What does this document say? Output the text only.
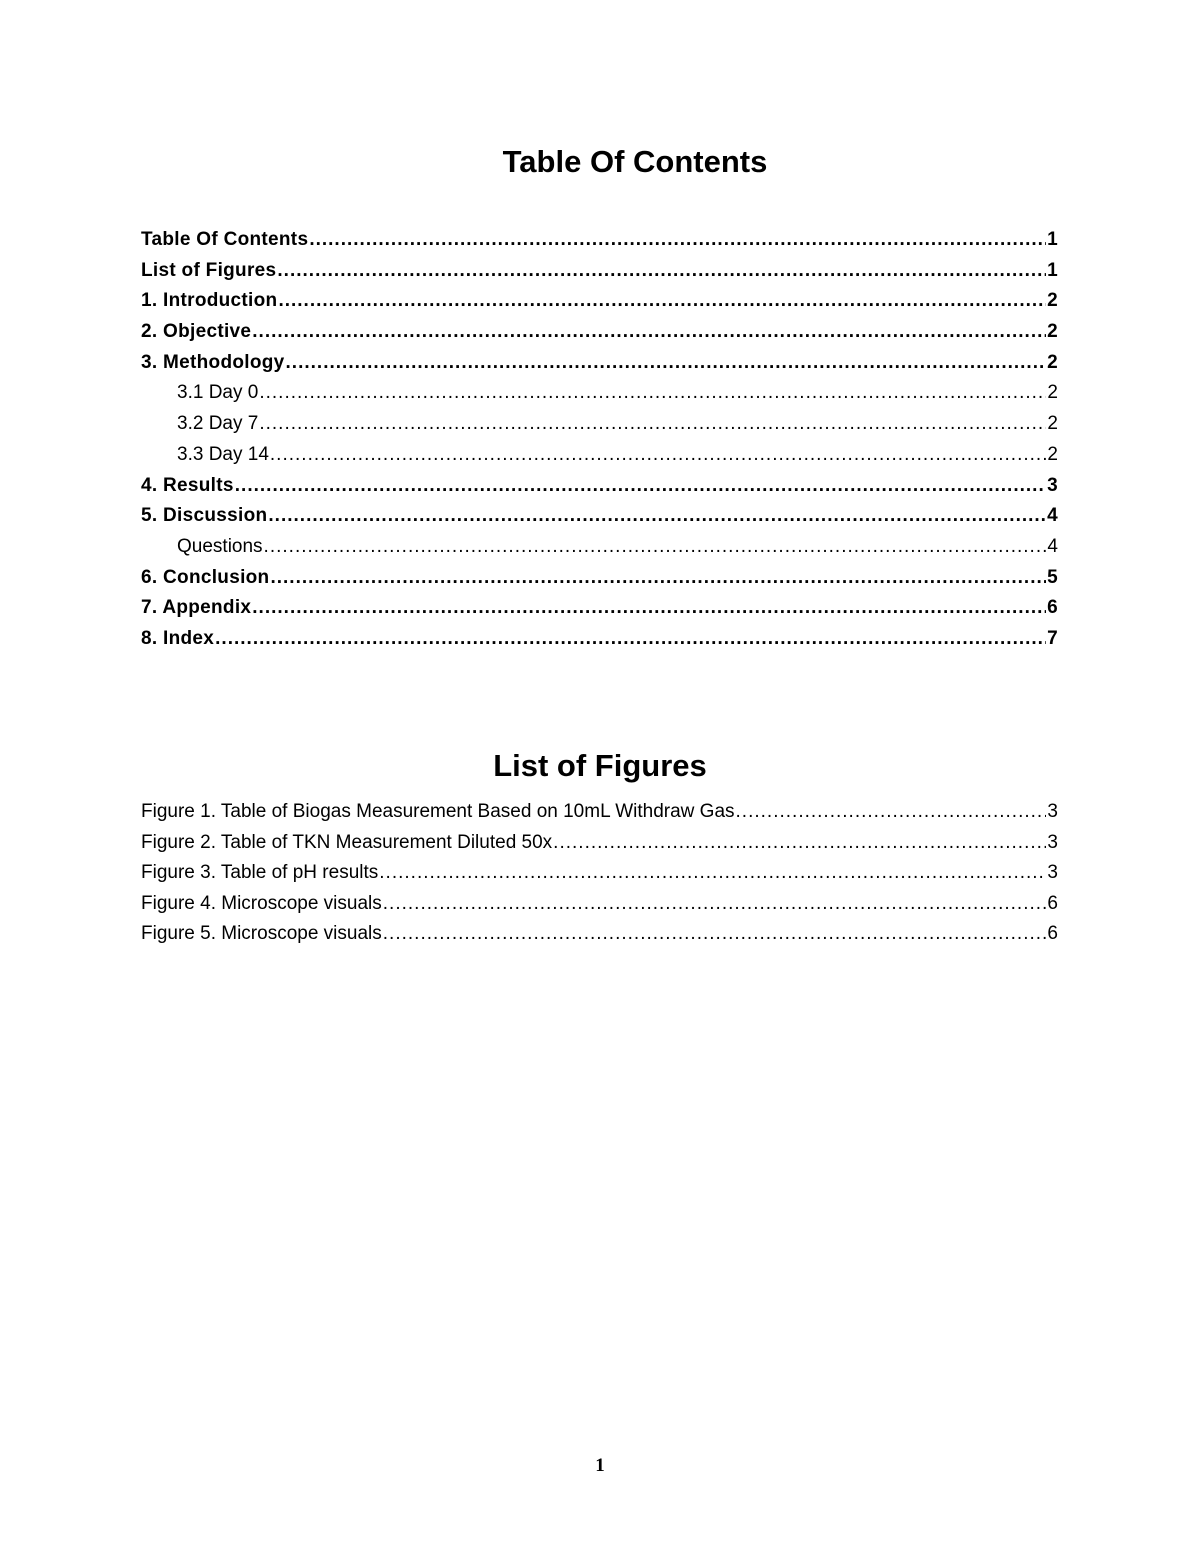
Table Of Contents
Table Of Contents .....	1
List of Figures .....	1
1. Introduction .....	2
2. Objective .....	2
3. Methodology .....	2
3.1 Day 0 .....	2
3.2 Day 7 .....	2
3.3 Day 14 .....	2
4. Results .....	3
5. Discussion .....	4
Questions .....	4
6. Conclusion .....	5
7. Appendix .....	6
8. Index .....	7
List of Figures
Figure 1. Table of Biogas Measurement Based on 10mL Withdraw Gas .....	3
Figure 2. Table of TKN Measurement Diluted 50x .....	3
Figure 3. Table of pH results .....	3
Figure 4. Microscope visuals .....	6
Figure 5. Microscope visuals .....	6

1
